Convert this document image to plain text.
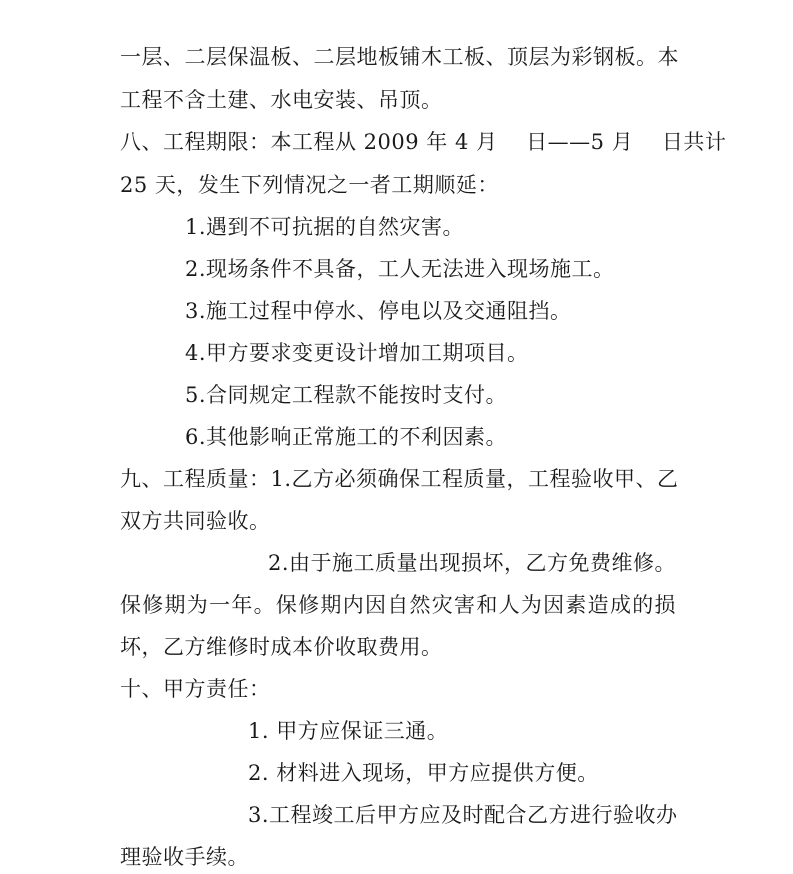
一层、二层保温板、二层地板铺木工板、顶层为彩钢板。本
工程不含土建、水电安装、吊顶。
八、工程期限：本工程从 2009 年 4 月　 日——5 月　 日共计
25 天，发生下列情况之一者工期顺延：
1.遇到不可抗据的自然灾害。
2.现场条件不具备，工人无法进入现场施工。
3.施工过程中停水、停电以及交通阻挡。
4.甲方要求变更设计增加工期项目。
5.合同规定工程款不能按时支付。
6.其他影响正常施工的不利因素。
九、工程质量：1.乙方必须确保工程质量，工程验收甲、乙
双方共同验收。
2.由于施工质量出现损坏，乙方免费维修。
保修期为一年。保修期内因自然灾害和人为因素造成的损
坏，乙方维修时成本价收取费用。
十、甲方责任：
1. 甲方应保证三通。
2. 材料进入现场，甲方应提供方便。
3.工程竣工后甲方应及时配合乙方进行验收办
理验收手续。
